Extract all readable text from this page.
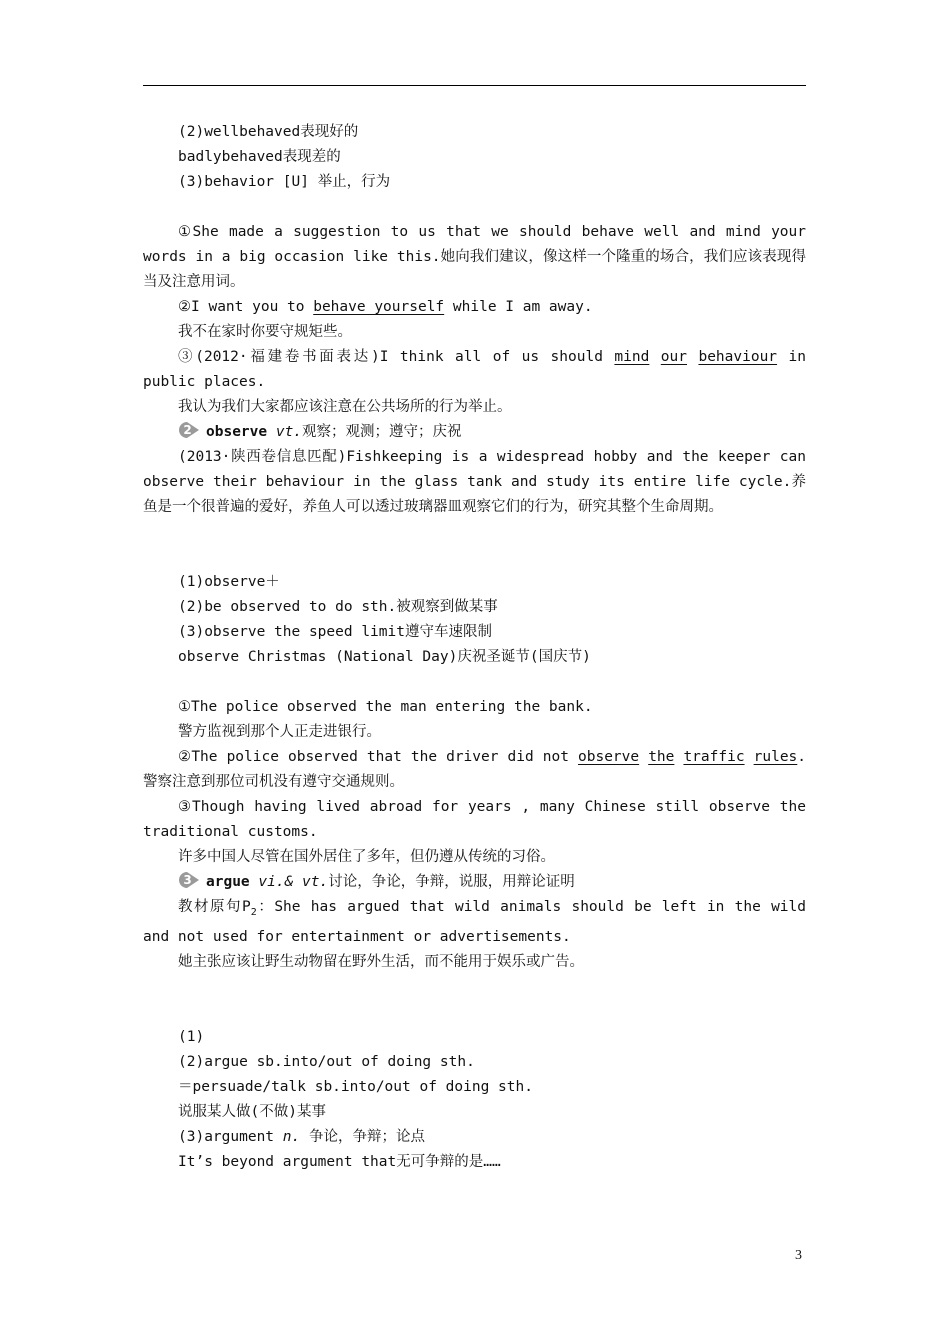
(2)wellbehaved表现好的

badlybehaved表现差的

(3)behavior [U] 举止，行为

①She made a suggestion to us that we should behave well and mind your words in a big occasion like this.她向我们建议，像这样一个隆重的场合，我们应该表现得当及注意用词。

②I want you to behave yourself while I am away.

我不在家时你要守规矩些。

③(2012·福建卷书面表达)I think all of us should mind our behaviour in public places.

我认为我们大家都应该注意在公共场所的行为举止。

2 observe vt.观察；观测；遵守；庆祝

(2013·陕西卷信息匹配)Fishkeeping is a widespread hobby and the keeper can observe their behaviour in the glass tank and study its entire life cycle.养鱼是一个很普遍的爱好，养鱼人可以透过玻璃器皿观察它们的行为，研究其整个生命周期。

(1)observe＋

(2)be observed to do sth.被观察到做某事

(3)observe the speed limit遵守车速限制

observe Christmas (National Day)庆祝圣诞节(国庆节)

①The police observed the man entering the bank.

警方监视到那个人正走进银行。

②The police observed that the driver did not observe the traffic rules.警察注意到那位司机没有遵守交通规则。

③Though having lived abroad for years , many Chinese still observe the traditional customs.

许多中国人尽管在国外居住了多年，但仍遵从传统的习俗。

3 argue vi.& vt.讨论，争论，争辩，说服，用辩论证明

教材原句$P_2$：She has argued that wild animals should be left in the wild and not used for entertainment or advertisements.

她主张应该让野生动物留在野外生活，而不能用于娱乐或广告。

(1)

(2)argue sb.into/out of doing sth.

＝persuade/talk sb.into/out of doing sth.

说服某人做(不做)某事

(3)argument n. 争论，争辩；论点

It’s beyond argument that无可争辩的是……

3
